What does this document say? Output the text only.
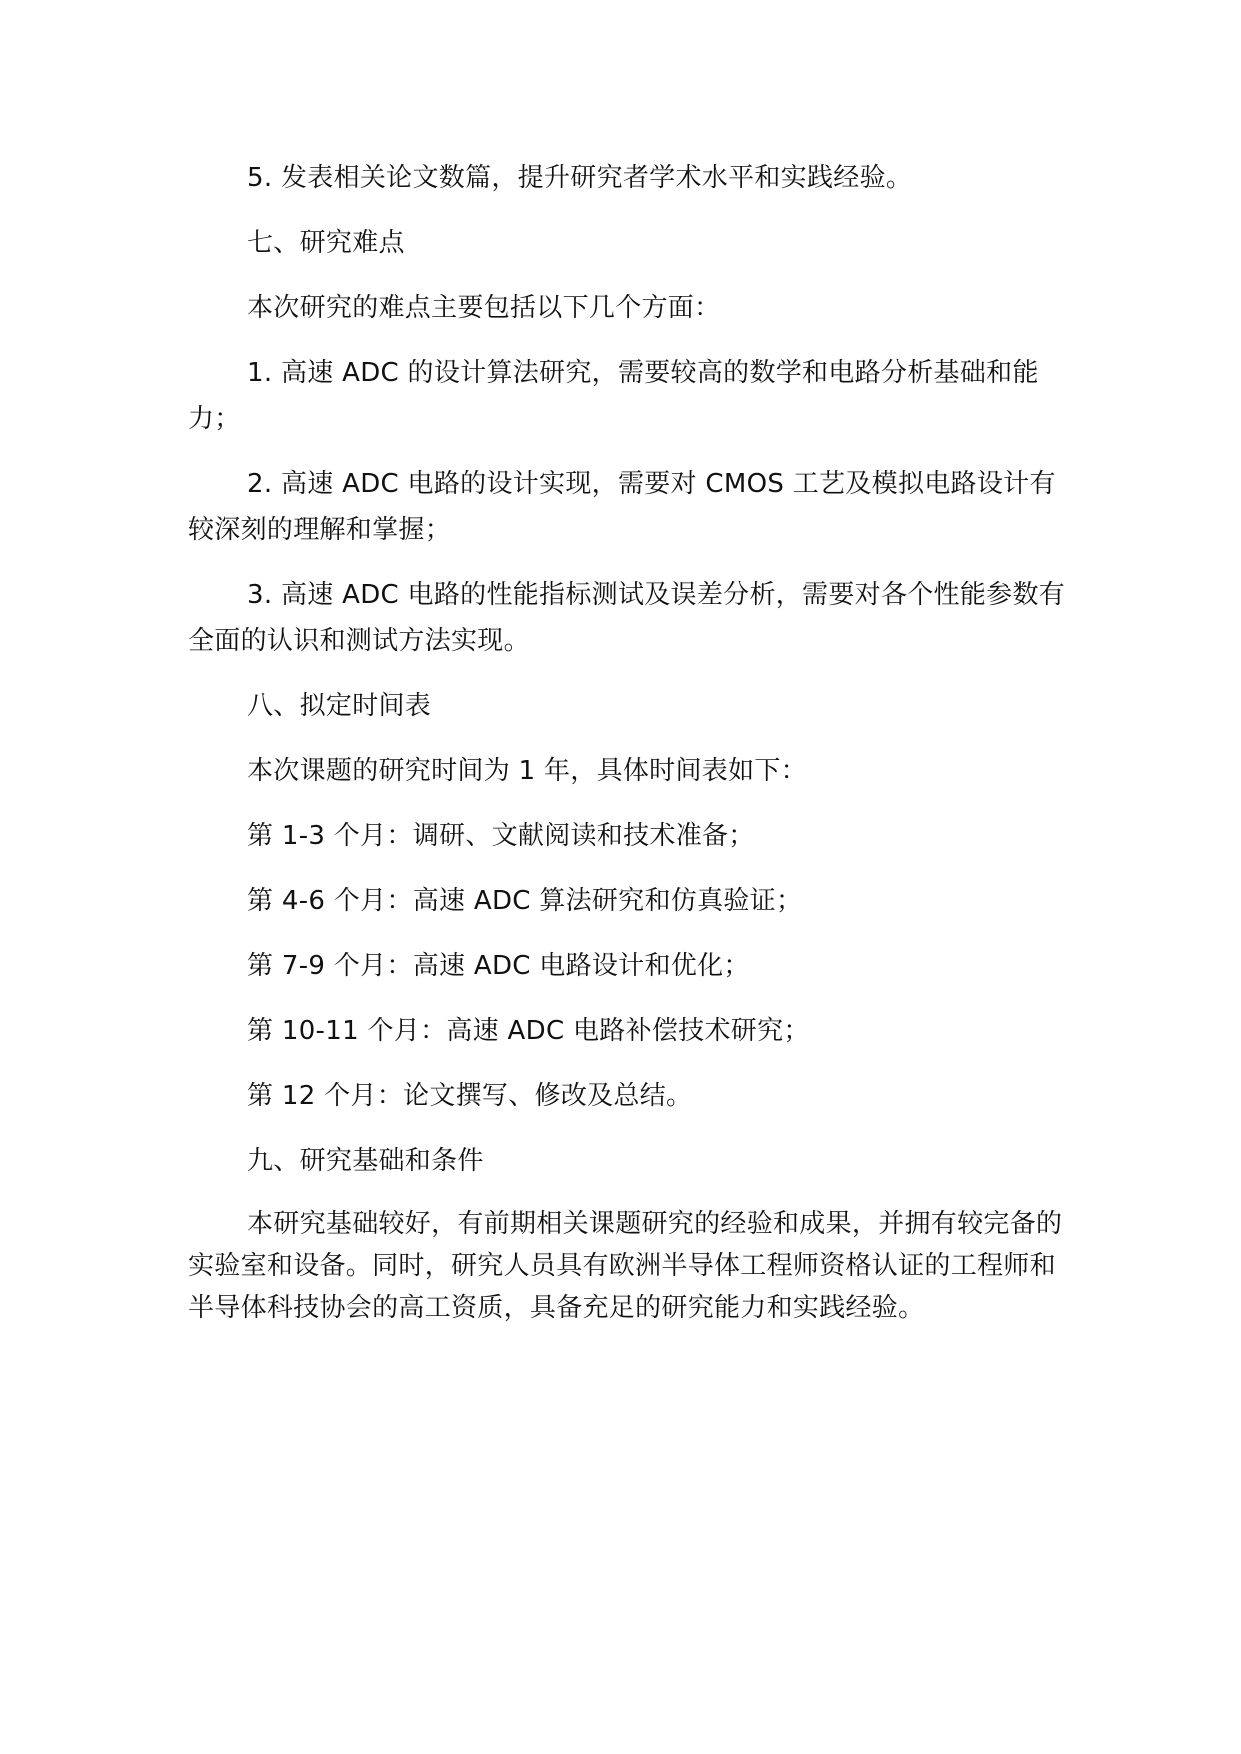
5. 发表相关论文数篇，提升研究者学术水平和实践经验。

七、研究难点

本次研究的难点主要包括以下几个方面：

1. 高速 ADC 的设计算法研究，需要较高的数学和电路分析基础和能力；

2. 高速 ADC 电路的设计实现，需要对 CMOS 工艺及模拟电路设计有较深刻的理解和掌握；

3. 高速 ADC 电路的性能指标测试及误差分析，需要对各个性能参数有全面的认识和测试方法实现。

八、拟定时间表

本次课题的研究时间为 1 年，具体时间表如下：

第 1-3 个月：调研、文献阅读和技术准备；

第 4-6 个月：高速 ADC 算法研究和仿真验证；

第 7-9 个月：高速 ADC 电路设计和优化；

第 10-11 个月：高速 ADC 电路补偿技术研究；

第 12 个月：论文撰写、修改及总结。

九、研究基础和条件

本研究基础较好，有前期相关课题研究的经验和成果，并拥有较完备的实验室和设备。同时，研究人员具有欧洲半导体工程师资格认证的工程师和半导体科技协会的高工资质，具备充足的研究能力和实践经验。
